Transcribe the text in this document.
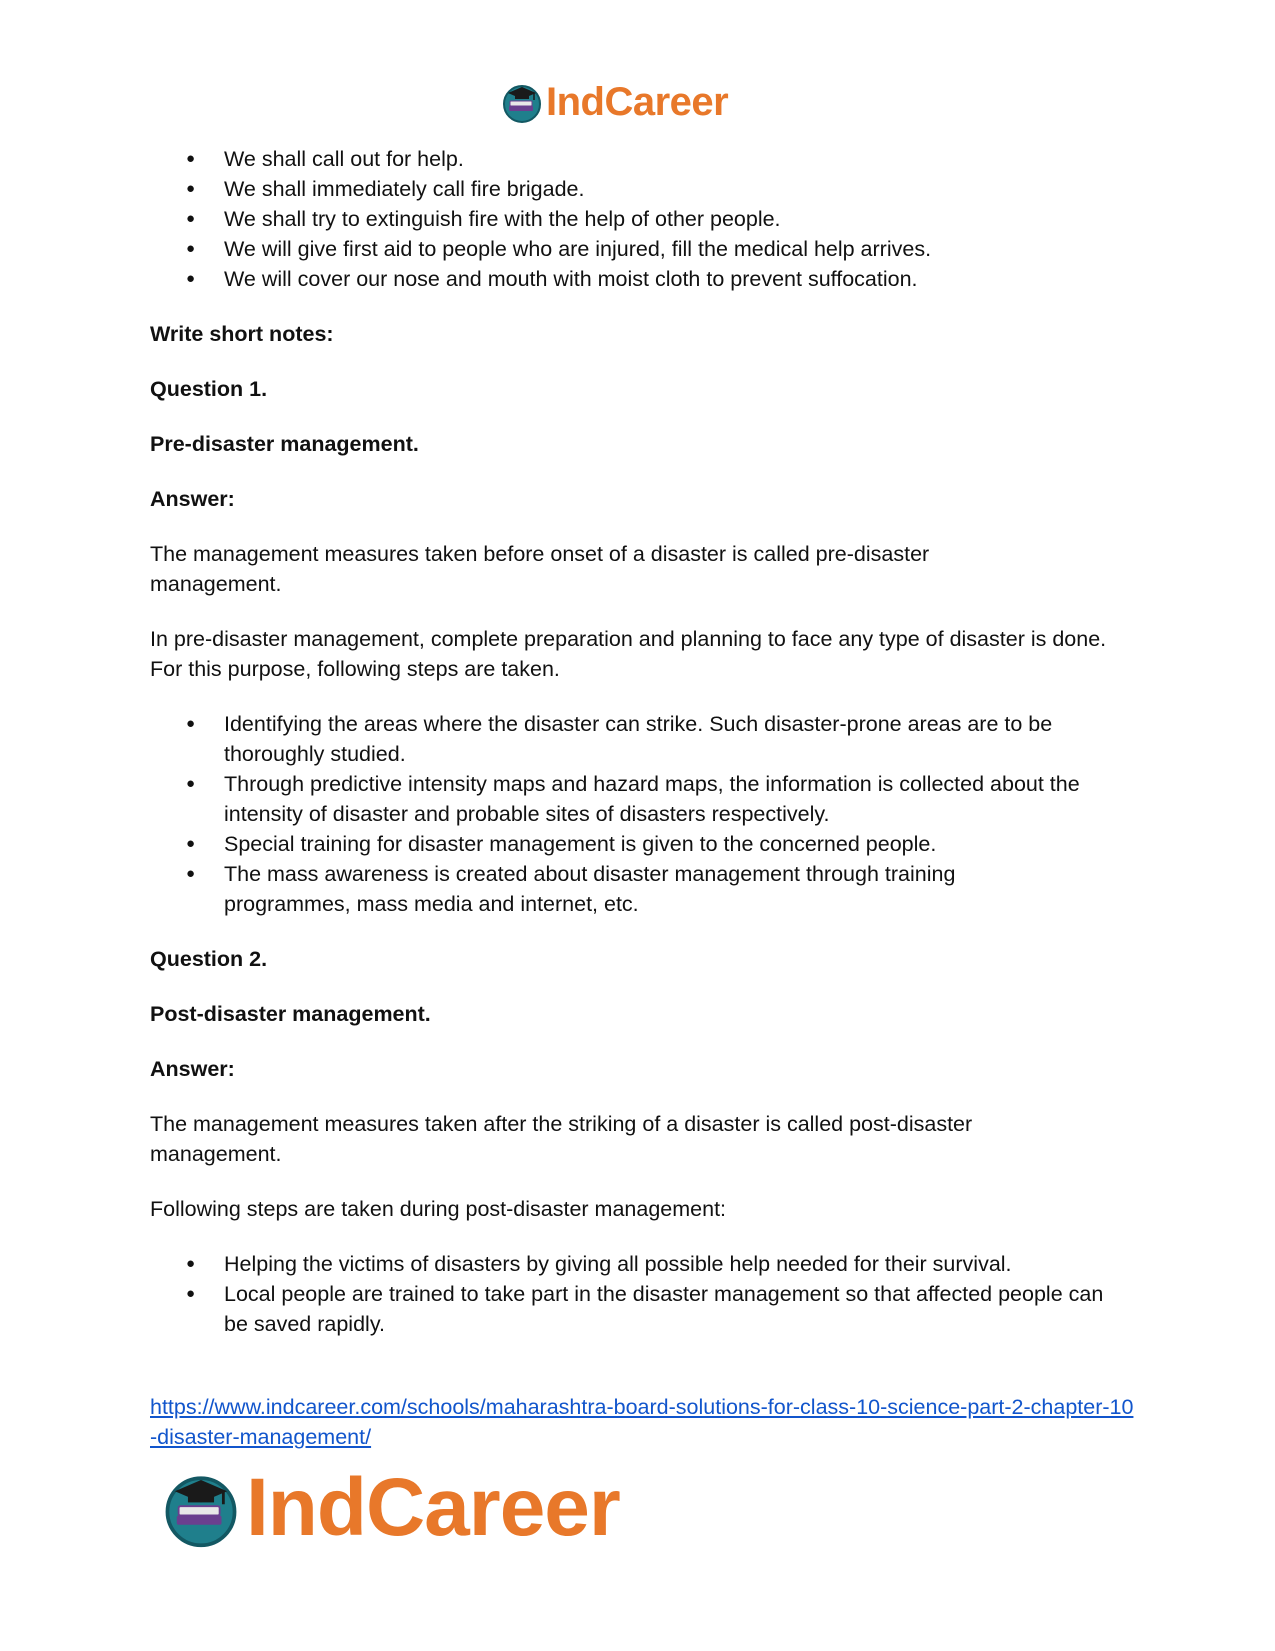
IndCareer
● We shall call out for help.
● We shall immediately call fire brigade.
● We shall try to extinguish fire with the help of other people.
● We will give first aid to people who are injured, fill the medical help arrives.
● We will cover our nose and mouth with moist cloth to prevent suffocation.

Write short notes:

Question 1.

Pre-disaster management.

Answer:

The management measures taken before onset of a disaster is called pre-disaster management.

In pre-disaster management, complete preparation and planning to face any type of disaster is done. For this purpose, following steps are taken.

● Identifying the areas where the disaster can strike. Such disaster-prone areas are to be thoroughly studied.
● Through predictive intensity maps and hazard maps, the information is collected about the intensity of disaster and probable sites of disasters respectively.
● Special training for disaster management is given to the concerned people.
● The mass awareness is created about disaster management through training programmes, mass media and internet, etc.

Question 2.

Post-disaster management.

Answer:

The management measures taken after the striking of a disaster is called post-disaster management.

Following steps are taken during post-disaster management:

● Helping the victims of disasters by giving all possible help needed for their survival.
● Local people are trained to take part in the disaster management so that affected people can be saved rapidly.
https://www.indcareer.com/schools/maharashtra-board-solutions-for-class-10-science-part-2-chapter-10-disaster-management/
IndCareer
